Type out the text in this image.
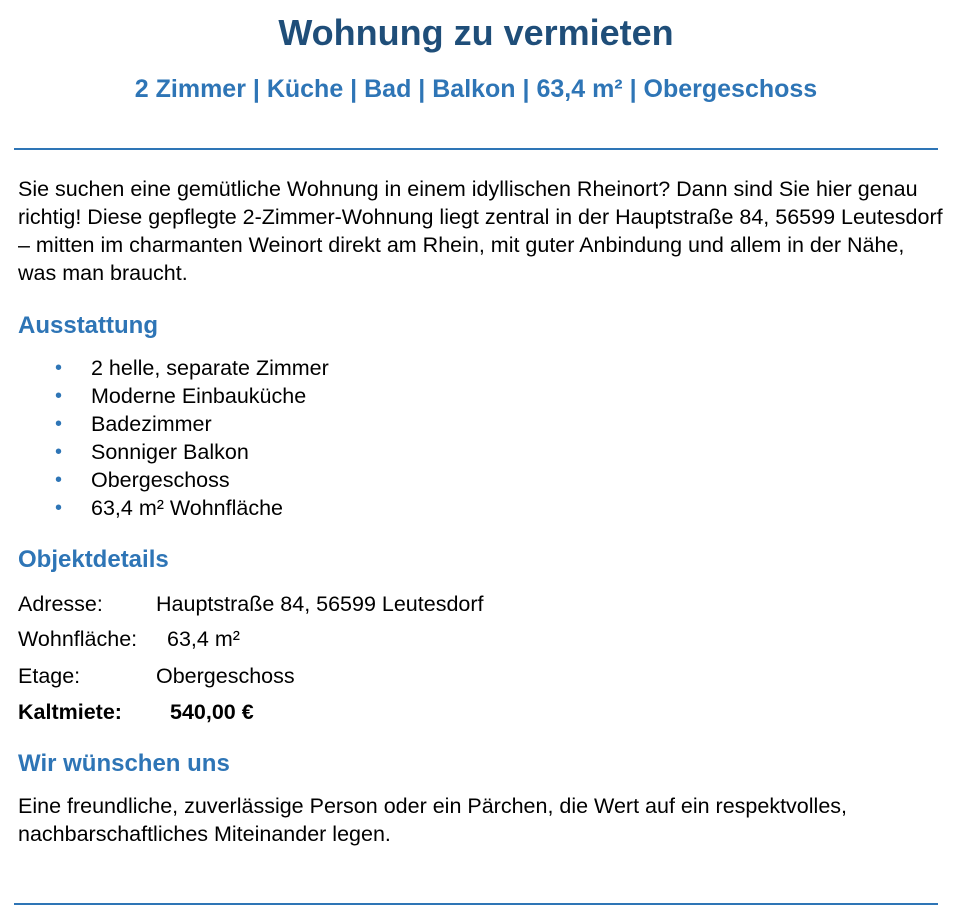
Wohnung zu vermieten
2 Zimmer | Küche | Bad | Balkon | 63,4 m² | Obergeschoss

Sie suchen eine gemütliche Wohnung in einem idyllischen Rheinort? Dann sind Sie hier genau richtig! Diese gepflegte 2-Zimmer-Wohnung liegt zentral in der Hauptstraße 84, 56599 Leutesdorf – mitten im charmanten Weinort direkt am Rhein, mit guter Anbindung und allem in der Nähe, was man braucht.

Ausstattung
• 2 helle, separate Zimmer
• Moderne Einbauküche
• Badezimmer
• Sonniger Balkon
• Obergeschoss
• 63,4 m² Wohnfläche
Objektdetails
Adresse: Hauptstraße 84, 56599 Leutesdorf
Wohnfläche: 63,4 m²
Etage:	Obergeschoss
Kaltmiete: 540,00 €
Wir wünschen uns

Eine freundliche, zuverlässige Person oder ein Pärchen, die Wert auf ein respektvolles, nachbarschaftliches Miteinander legen.
